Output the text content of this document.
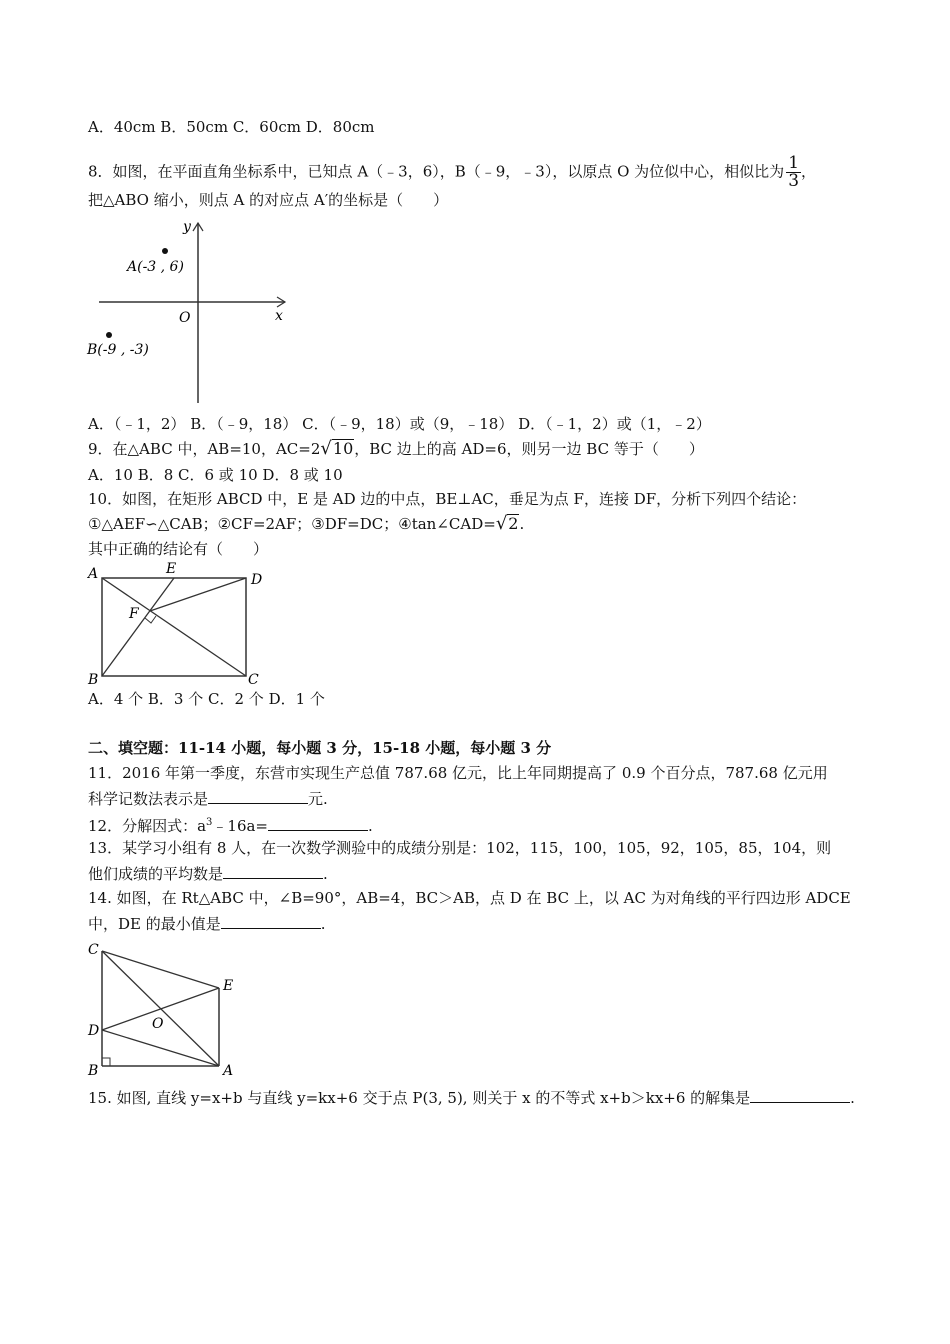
A．40cm B．50cm C．60cm D．80cm
8．如图，在平面直角坐标系中，已知点 A（﹣3，6），B（﹣9，﹣3），以原点 O 为位似中心，相似比为 $\frac{1}{3}$ ，
把△ABO 缩小，则点 A 的对应点 A′的坐标是（　　）
y
x
O
A(-3 , 6)
B(-9 , -3)
A．（﹣1，2） B．（﹣9，18） C．（﹣9，18）或（9，﹣18） D．（﹣1，2）或（1，﹣2）
9．在△ABC 中，AB=10，AC=2√10，BC 边上的高 AD=6，则另一边 BC 等于（　　）
A．10 B．8 C．6 或 10 D．8 或 10
10．如图，在矩形 ABCD 中，E 是 AD 边的中点，BE⊥AC，垂足为点 F，连接 DF，分析下列四个结论：
①△AEF∽△CAB；②CF=2AF；③DF=DC；④tan∠CAD=√2.
其中正确的结论有（　　）
A	E
D
F
B	C
A．4 个 B．3 个 C．2 个 D．1 个
二、填空题：11-14 小题，每小题 3 分，15-18 小题，每小题 3 分
11．2016 年第一季度，东营市实现生产总值 787.68 亿元，比上年同期提高了 0.9 个百分点，787.68 亿元用
科学记数法表示是	元.
12．分解因式：$a^3﹣16a=$	.
13．某学习小组有 8 人，在一次数学测验中的成绩分别是：102，115，100，105，92，105，85，104，则
他们成绩的平均数是	.
14. 如图，在 Rt△ABC 中，∠B=90°，AB=4，BC＞AB，点 D 在 BC 上，以 AC 为对角线的平行四边形 ADCE
中，DE 的最小值是	.
C
E
O
D
B	A
15. 如图, 直线 y=x+b 与直线 y=kx+6 交于点 P(3, 5), 则关于 x 的不等式 x+b＞kx+6 的解集是	.
